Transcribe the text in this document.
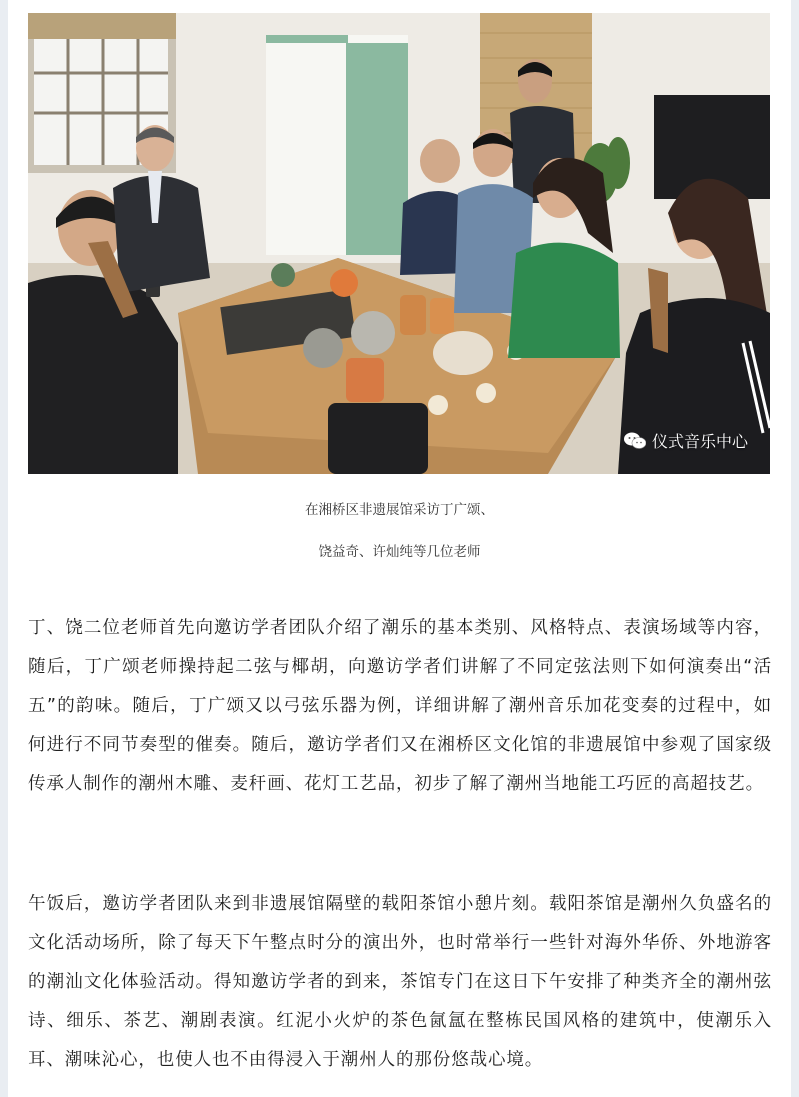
仪式音乐中心
在湘桥区非遗展馆采访丁广颂、
饶益奇、许灿纯等几位老师

丁、饶二位老师首先向邀访学者团队介绍了潮乐的基本类别、风格特点、表演场域等内容，随后，丁广颂老师操持起二弦与椰胡，向邀访学者们讲解了不同定弦法则下如何演奏出“活五”的韵味。随后，丁广颂又以弓弦乐器为例，详细讲解了潮州音乐加花变奏的过程中，如何进行不同节奏型的催奏。随后，邀访学者们又在湘桥区文化馆的非遗展馆中参观了国家级传承人制作的潮州木雕、麦秆画、花灯工艺品，初步了解了潮州当地能工巧匠的高超技艺。

午饭后，邀访学者团队来到非遗展馆隔壁的载阳茶馆小憩片刻。载阳茶馆是潮州久负盛名的文化活动场所，除了每天下午整点时分的演出外，也时常举行一些针对海外华侨、外地游客的潮汕文化体验活动。得知邀访学者的到来，茶馆专门在这日下午安排了种类齐全的潮州弦诗、细乐、茶艺、潮剧表演。红泥小火炉的茶色氤氲在整栋民国风格的建筑中，使潮乐入耳、潮味沁心，也使人也不由得浸入于潮州人的那份悠哉心境。
